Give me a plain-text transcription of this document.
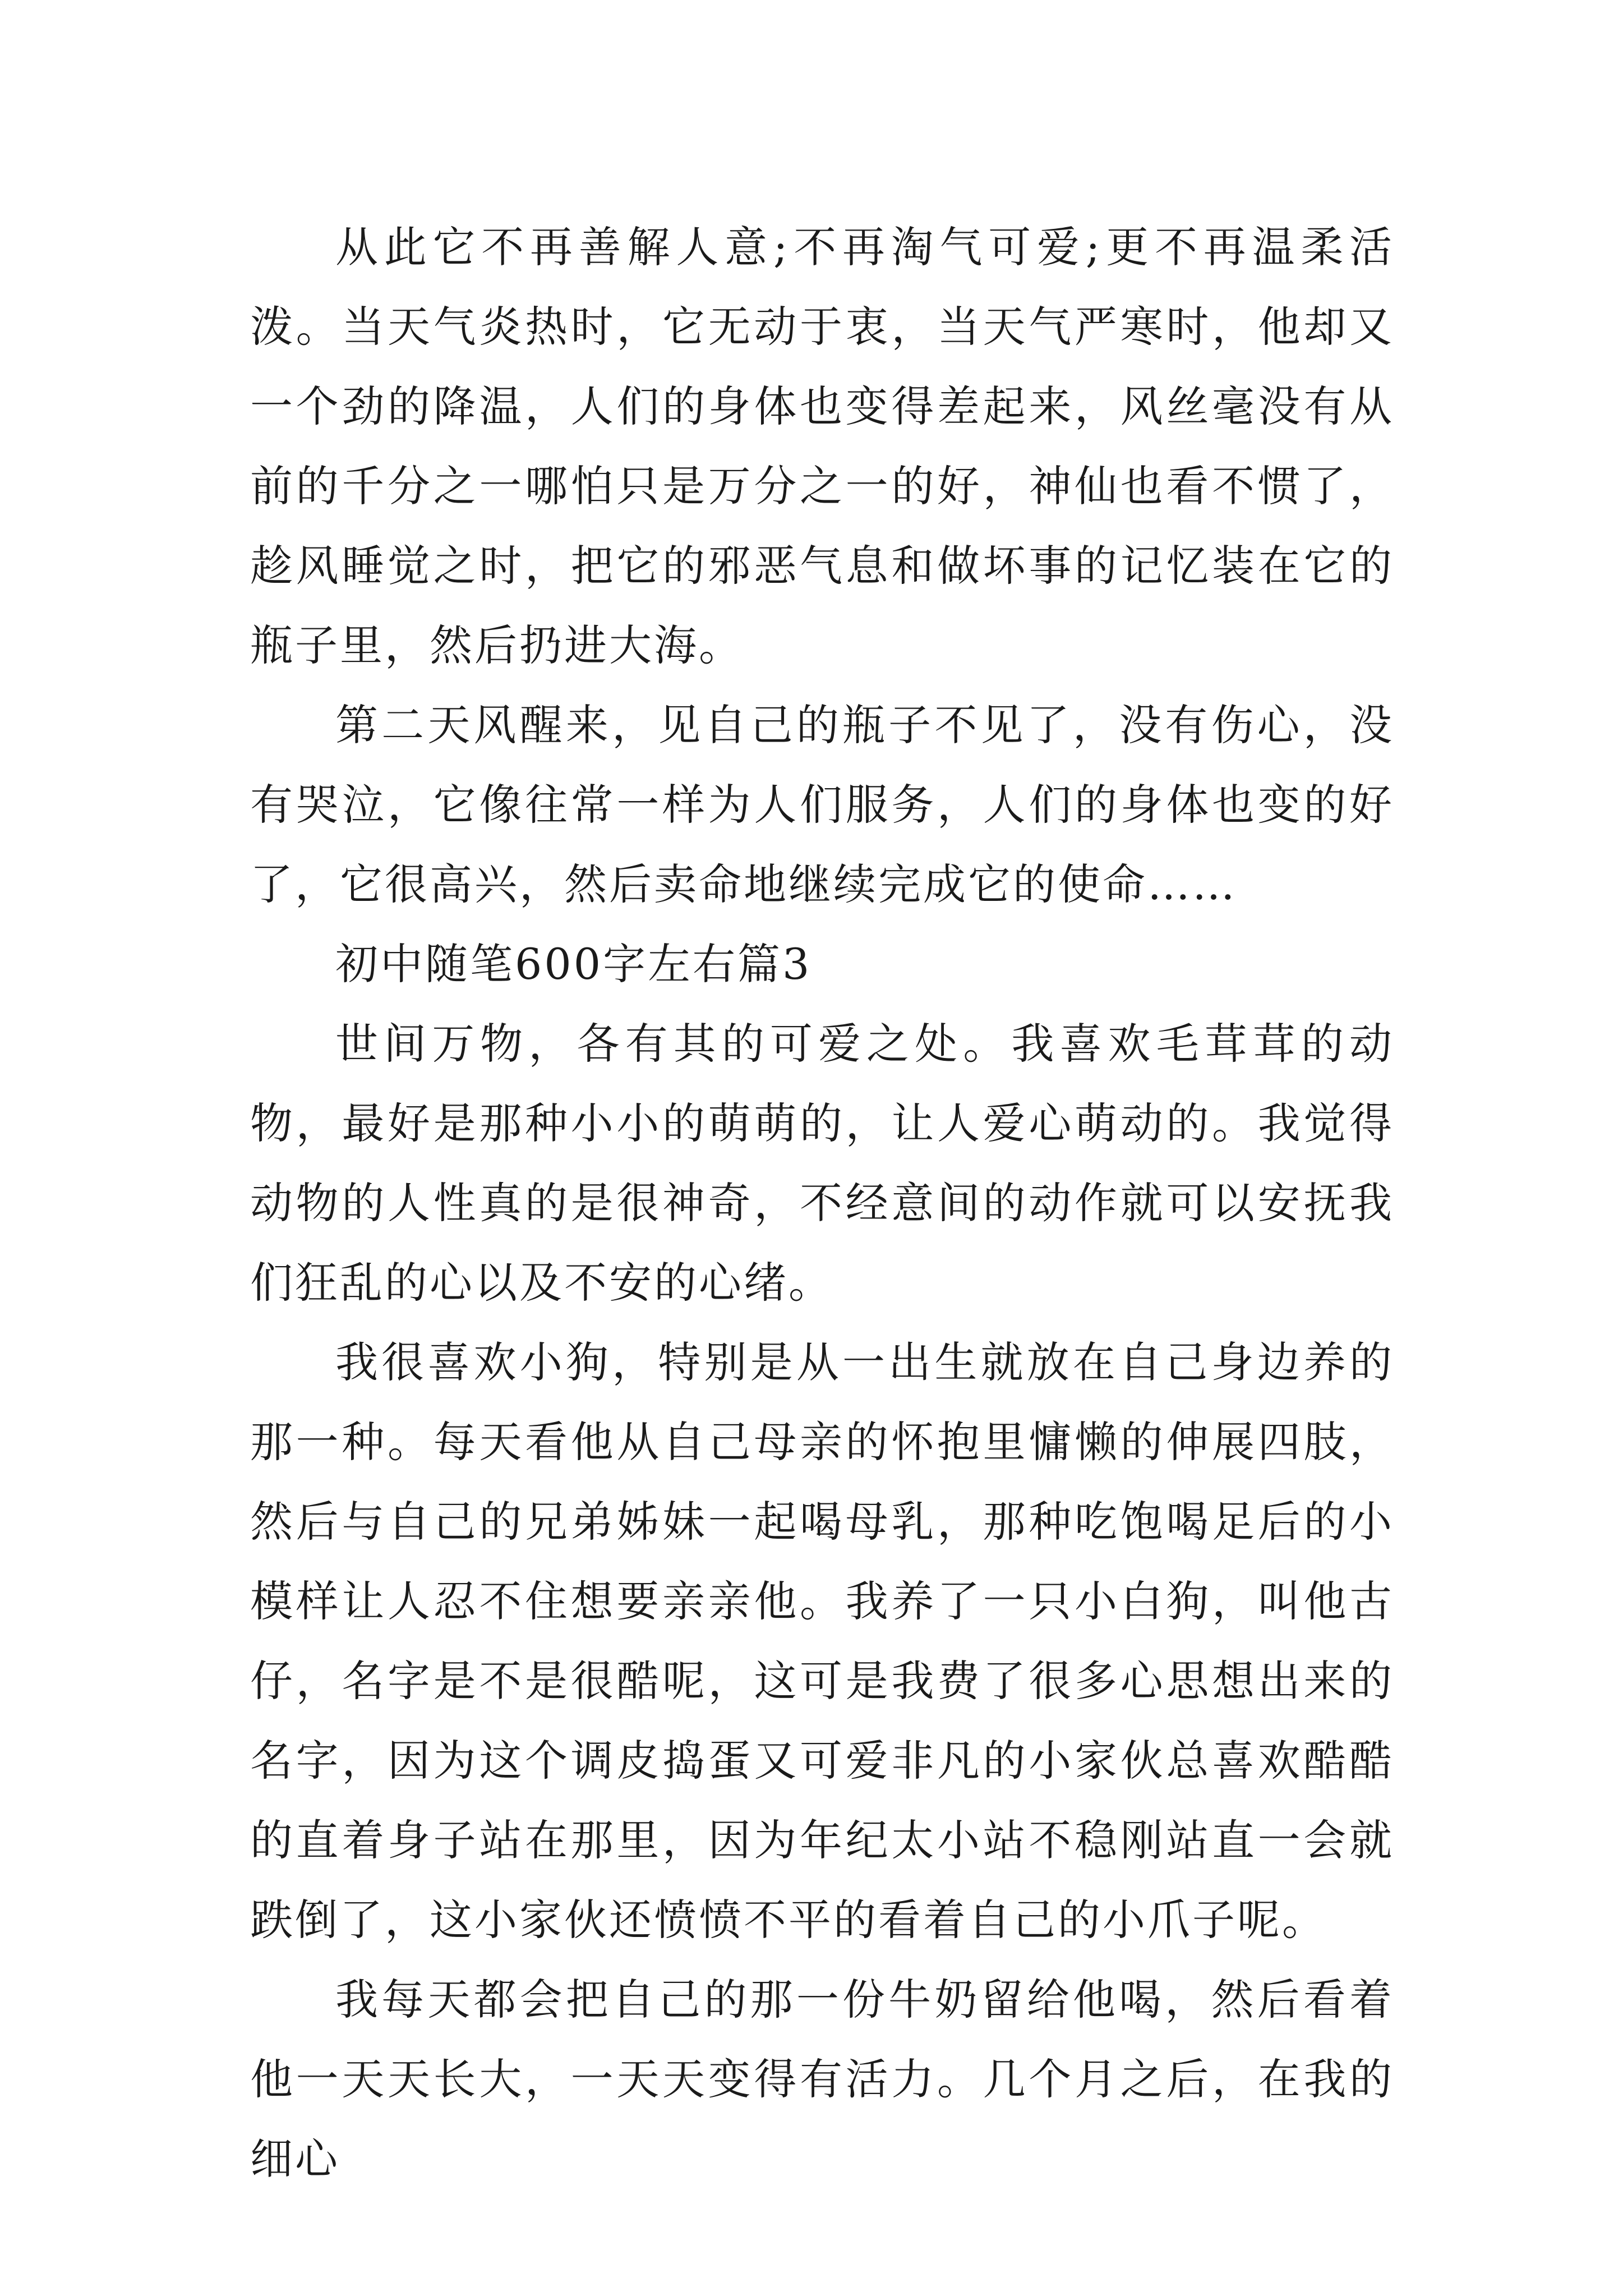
从此它不再善解人意;不再淘气可爱;更不再温柔活泼。当天气炎热时，它无动于衷，当天气严寒时，他却又一个劲的降温，人们的身体也变得差起来，风丝毫没有从前的千分之一哪怕只是万分之一的好，神仙也看不惯了，趁风睡觉之时，把它的邪恶气息和做坏事的记忆装在它的瓶子里，然后扔进大海。

第二天风醒来，见自己的瓶子不见了，没有伤心，没有哭泣，它像往常一样为人们服务，人们的身体也变的好了，它很高兴，然后卖命地继续完成它的使命……

初中随笔600字左右篇3

世间万物，各有其的可爱之处。我喜欢毛茸茸的动物，最好是那种小小的萌萌的，让人爱心萌动的。我觉得动物的人性真的是很神奇，不经意间的动作就可以安抚我们狂乱的心以及不安的心绪。

我很喜欢小狗，特别是从一出生就放在自己身边养的那一种。每天看他从自己母亲的怀抱里慵懒的伸展四肢，然后与自己的兄弟姊妹一起喝母乳，那种吃饱喝足后的小模样让人忍不住想要亲亲他。我养了一只小白狗，叫他古仔，名字是不是很酷呢，这可是我费了很多心思想出来的名字，因为这个调皮捣蛋又可爱非凡的小家伙总喜欢酷酷的直着身子站在那里，因为年纪太小站不稳刚站直一会就跌倒了，这小家伙还愤愤不平的看着自己的小爪子呢。

我每天都会把自己的那一份牛奶留给他喝，然后看着他一天天长大，一天天变得有活力。几个月之后，在我的细心
